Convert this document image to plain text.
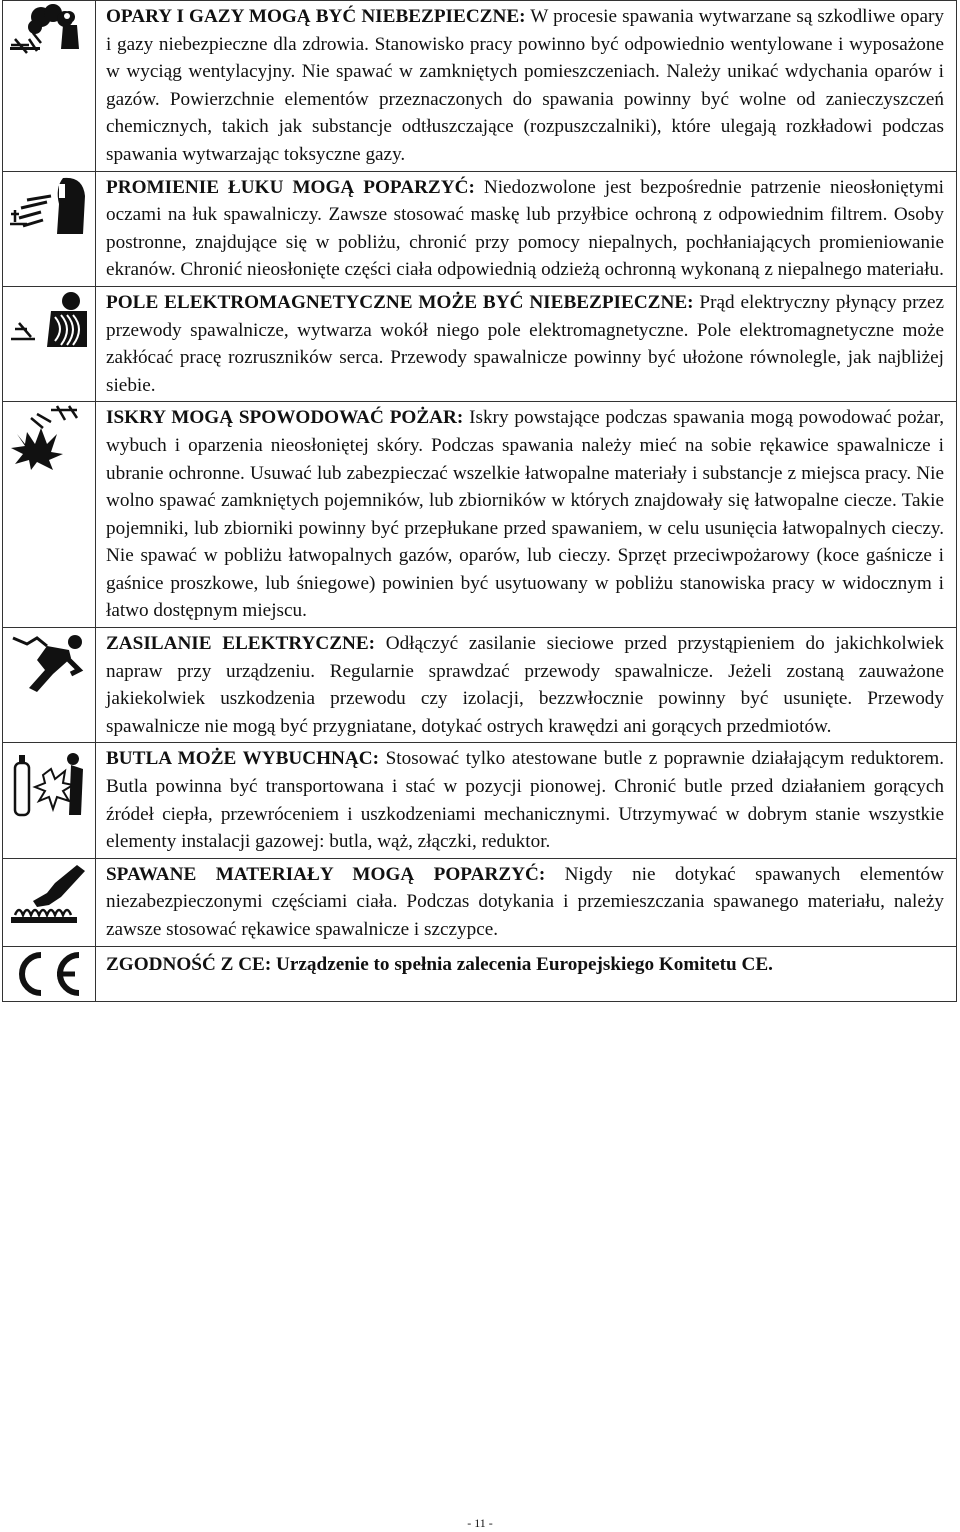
	OPARY I GAZY MOGĄ BYĆ NIEBEZPIECZNE: W procesie spawania wytwarzane są szkodliwe opary i gazy niebezpieczne dla zdrowia. Stanowisko pracy powinno być odpowiednio wentylowane i wyposażone w wyciąg wentylacyjny. Nie spawać w zamkniętych pomieszczeniach. Należy unikać wdychania oparów i gazów. Powierzchnie elementów przeznaczonych do spawania powinny być wolne od zanieczyszczeń chemicznych, takich jak substancje odtłuszczające (rozpuszczalniki), które ulegają rozkładowi podczas spawania wytwarzając toksyczne gazy.

	PROMIENIE ŁUKU MOGĄ POPARZYĆ: Niedozwolone jest bezpośrednie patrzenie nieosłoniętymi oczami na łuk spawalniczy. Zawsze stosować maskę lub przyłbice ochroną z odpowiednim filtrem. Osoby postronne, znajdujące się w pobliżu, chronić przy pomocy niepalnych, pochłaniających promieniowanie ekranów. Chronić nieosłonięte części ciała odpowiednią odzieżą ochronną wykonaną z niepalnego materiału.

	POLE ELEKTROMAGNETYCZNE MOŻE BYĆ NIEBEZPIECZNE: Prąd elektryczny płynący przez przewody spawalnicze, wytwarza wokół niego pole elektromagnetyczne. Pole elektromagnetyczne może zakłócać pracę rozruszników serca. Przewody spawalnicze powinny być ułożone równolegle, jak najbliżej siebie.

	ISKRY MOGĄ SPOWODOWAĆ POŻAR: Iskry powstające podczas spawania mogą powodować pożar, wybuch i oparzenia nieosłoniętej skóry. Podczas spawania należy mieć na sobie rękawice spawalnicze i ubranie ochronne. Usuwać lub zabezpieczać wszelkie łatwopalne materiały i substancje z miejsca pracy. Nie wolno spawać zamkniętych pojemników, lub zbiorników w których znajdowały się łatwopalne ciecze. Takie pojemniki, lub zbiorniki powinny być przepłukane przed spawaniem, w celu usunięcia łatwopalnych cieczy. Nie spawać w pobliżu łatwopalnych gazów, oparów, lub cieczy. Sprzęt przeciwpożarowy (koce gaśnicze i gaśnice proszkowe, lub śniegowe) powinien być usytuowany w pobliżu stanowiska pracy w widocznym i łatwo dostępnym miejscu.

	ZASILANIE ELEKTRYCZNE: Odłączyć zasilanie sieciowe przed przystąpieniem do jakichkolwiek napraw przy urządzeniu. Regularnie sprawdzać przewody spawalnicze. Jeżeli zostaną zauważone jakiekolwiek uszkodzenia przewodu czy izolacji, bezzwłocznie powinny być usunięte. Przewody spawalnicze nie mogą być przygniatane, dotykać ostrych krawędzi ani gorących przedmiotów.

	BUTLA MOŻE WYBUCHNĄC: Stosować tylko atestowane butle z poprawnie działającym reduktorem. Butla powinna być transportowana i stać w pozycji pionowej. Chronić butle przed działaniem gorących źródeł ciepła, przewróceniem i uszkodzeniami mechanicznymi. Utrzymywać w dobrym stanie wszystkie elementy instalacji gazowej: butla, wąż, złączki, reduktor.

	SPAWANE MATERIAŁY MOGĄ POPARZYĆ: Nigdy nie dotykać spawanych elementów niezabezpieczonymi częściami ciała. Podczas dotykania i przemieszczania spawanego materiału, należy zawsze stosować rękawice spawalnicze i szczypce.

	ZGODNOŚĆ Z CE: Urządzenie to spełnia zalecenia Europejskiego Komitetu CE.
- 11 -
